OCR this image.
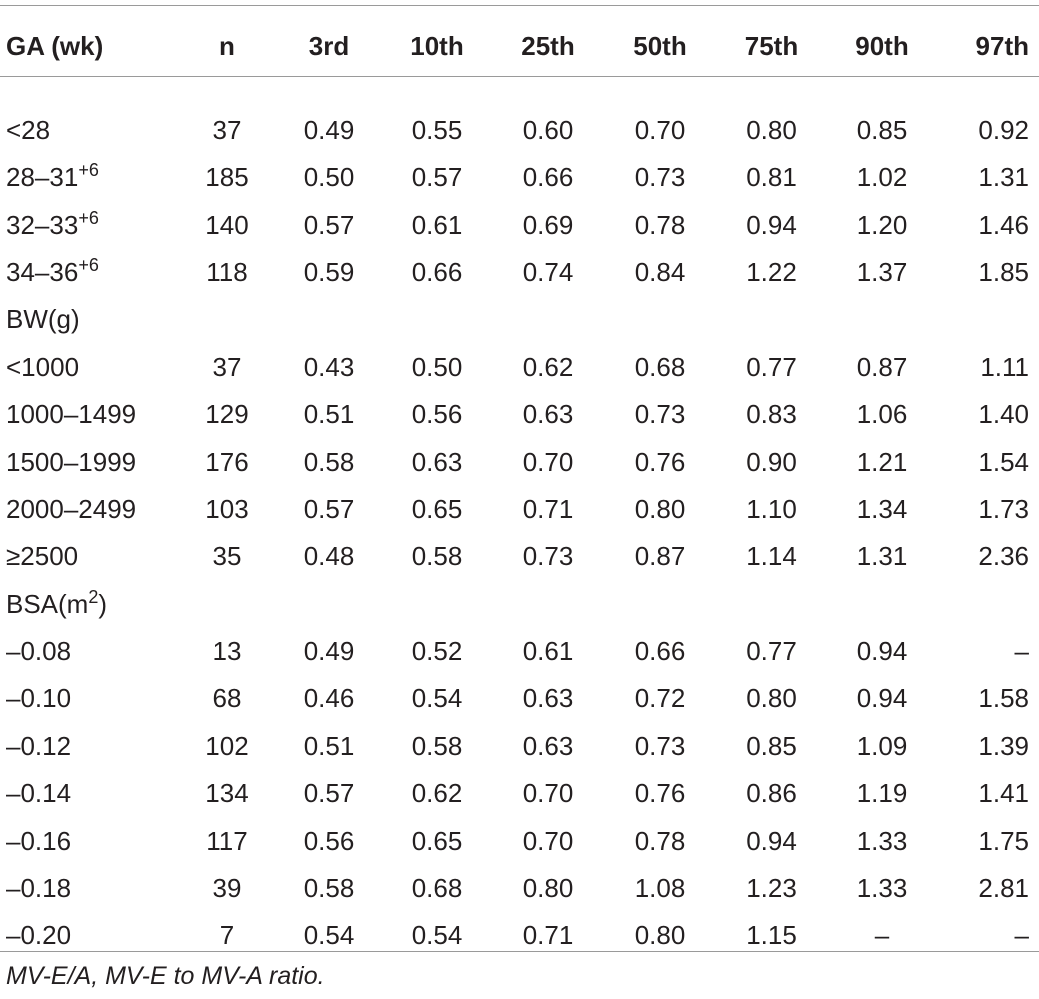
GA (wk)	n	3rd	10th	25th	50th	75th	90th	97th
<28	37	0.49	0.55	0.60	0.70	0.80	0.85	0.92
$28-31^{+6}$	185	0.50	0.57	0.66	0.73	0.81	1.02	1.31
$32-33^{+6}$	140	0.57	0.61	0.69	0.78	0.94	1.20	1.46
$34-36^{+6}$	118	0.59	0.66	0.74	0.84	1.22	1.37	1.85
BW(g)								
<1000	37	0.43	0.50	0.62	0.68	0.77	0.87	1.11
1000–1499	129	0.51	0.56	0.63	0.73	0.83	1.06	1.40
1500–1999	176	0.58	0.63	0.70	0.76	0.90	1.21	1.54
2000–2499	103	0.57	0.65	0.71	0.80	1.10	1.34	1.73
≥2500	35	0.48	0.58	0.73	0.87	1.14	1.31	2.36
$BSA(m^2)$								
–0.08	13	0.49	0.52	0.61	0.66	0.77	0.94	–
–0.10	68	0.46	0.54	0.63	0.72	0.80	0.94	1.58
–0.12	102	0.51	0.58	0.63	0.73	0.85	1.09	1.39
–0.14	134	0.57	0.62	0.70	0.76	0.86	1.19	1.41
–0.16	117	0.56	0.65	0.70	0.78	0.94	1.33	1.75
–0.18	39	0.58	0.68	0.80	1.08	1.23	1.33	2.81
–0.20	7	0.54	0.54	0.71	0.80	1.15	–	–
MV-E/A, MV-E to MV-A ratio.
